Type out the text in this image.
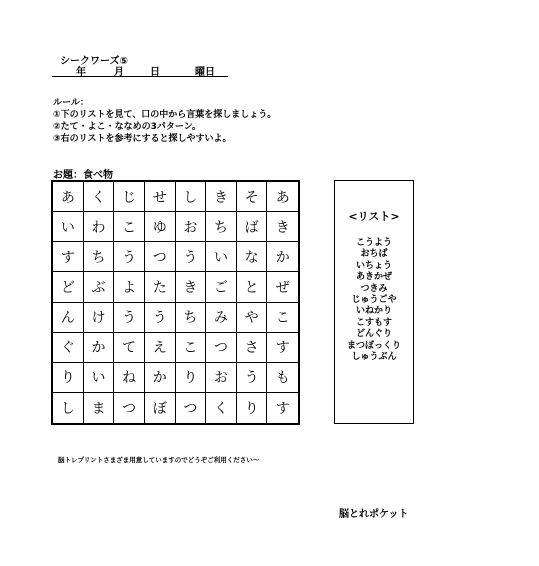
シークワーズ⑤
年	月	日	曜日
ルール：
①下のリストを見て、口の中から言葉を探しましょう。
②たて・よこ・ななめの3パターン。
③右のリストを参考にすると探しやすいよ。
お題：食べ物
あ	く	じ	せ	し	き	そ	あ
い	わ	こ	ゆ	お	ち	ば	き
す	ち	う	つ	う	い	な	か
ど	ぶ	よ	た	き	ご	と	ぜ
ん	け	う	う	ち	み	や	こ
ぐ	か	て	え	こ	つ	さ	す
り	い	ね	か	り	お	う	も
し	ま	つ	ぼ	つ	く	り	す
<リスト>
こうよう
おちば
いちょう
あきかぜ
つきみ
じゅうごや
いねかり
こすもす
どんぐり
まつぼっくり
しゅうぶん
脳トレプリントさまざま用意していますのでどうぞご利用ください～
脳とれポケット
